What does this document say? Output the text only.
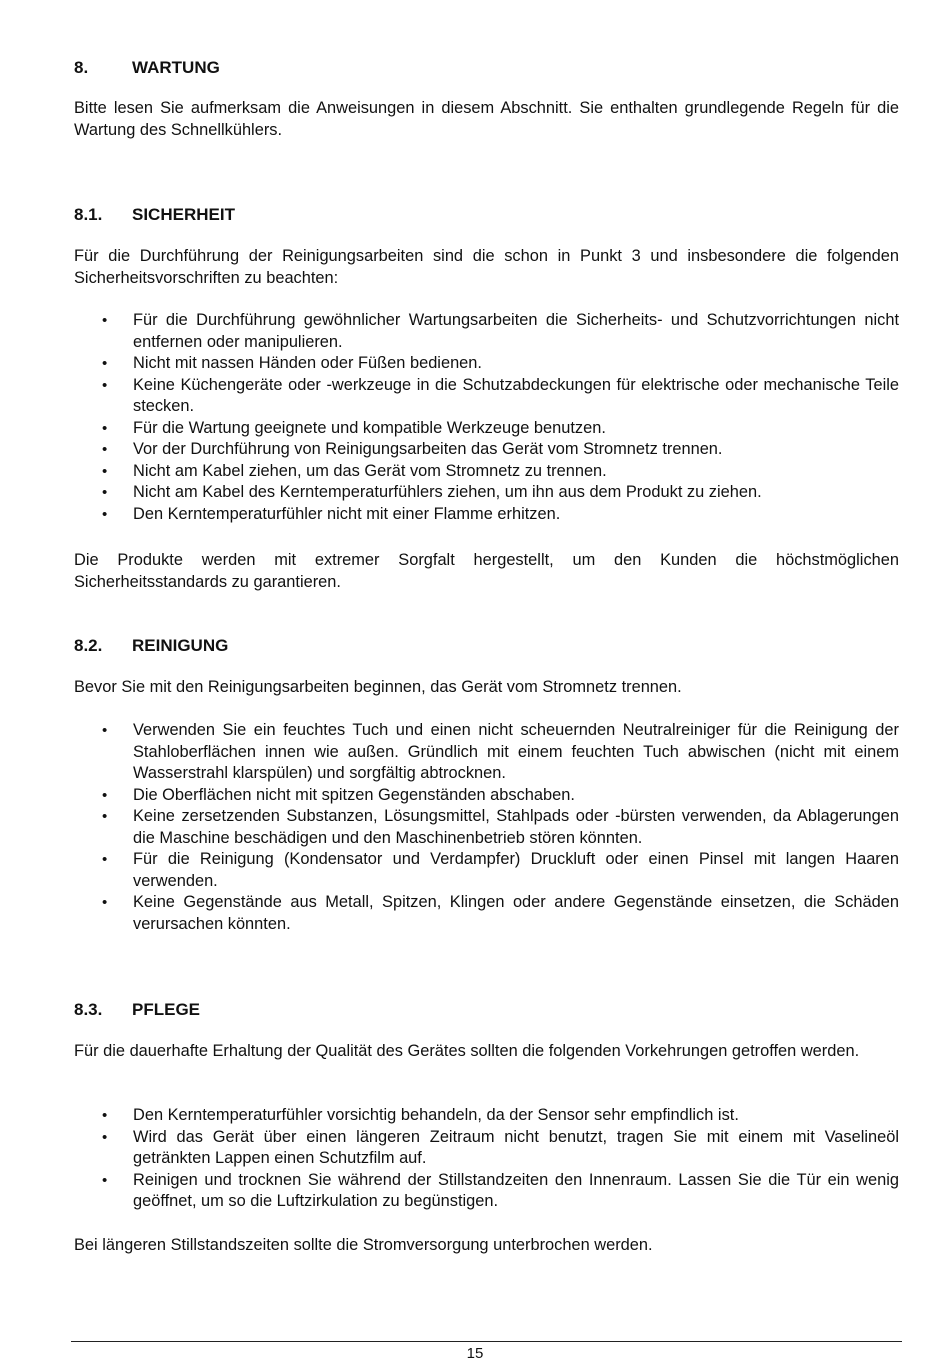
8.	WARTUNG
Bitte lesen Sie aufmerksam die Anweisungen in diesem Abschnitt. Sie enthalten grundlegende Regeln für die Wartung des Schnellkühlers.
8.1. SICHERHEIT
Für die Durchführung der Reinigungsarbeiten sind die schon in Punkt 3 und insbesondere die folgenden Sicherheitsvorschriften zu beachten:
• Für die Durchführung gewöhnlicher Wartungsarbeiten die Sicherheits- und Schutzvorrichtungen nicht entfernen oder manipulieren.
• Nicht mit nassen Händen oder Füßen bedienen.
• Keine Küchengeräte oder -werkzeuge in die Schutzabdeckungen für elektrische oder mechanische Teile stecken.
• Für die Wartung geeignete und kompatible Werkzeuge benutzen.
• Vor der Durchführung von Reinigungsarbeiten das Gerät vom Stromnetz trennen.
• Nicht am Kabel ziehen, um das Gerät vom Stromnetz zu trennen.
• Nicht am Kabel des Kerntemperaturfühlers ziehen, um ihn aus dem Produkt zu ziehen.
• Den Kerntemperaturfühler nicht mit einer Flamme erhitzen.
Die Produkte werden mit extremer Sorgfalt hergestellt, um den Kunden die höchstmöglichen Sicherheitsstandards zu garantieren.
8.2. REINIGUNG
Bevor Sie mit den Reinigungsarbeiten beginnen, das Gerät vom Stromnetz trennen.
• Verwenden Sie ein feuchtes Tuch und einen nicht scheuernden Neutralreiniger für die Reinigung der Stahloberflächen innen wie außen. Gründlich mit einem feuchten Tuch abwischen (nicht mit einem Wasserstrahl klarspülen) und sorgfältig abtrocknen.
• Die Oberflächen nicht mit spitzen Gegenständen abschaben.
• Keine zersetzenden Substanzen, Lösungsmittel, Stahlpads oder -bürsten verwenden, da Ablagerungen die Maschine beschädigen und den Maschinenbetrieb stören könnten.
• Für die Reinigung (Kondensator und Verdampfer) Druckluft oder einen Pinsel mit langen Haaren verwenden.
• Keine Gegenstände aus Metall, Spitzen, Klingen oder andere Gegenstände einsetzen, die Schäden verursachen könnten.
8.3. PFLEGE
Für die dauerhafte Erhaltung der Qualität des Gerätes sollten die folgenden Vorkehrungen getroffen werden.
• Den Kerntemperaturfühler vorsichtig behandeln, da der Sensor sehr empfindlich ist.
• Wird das Gerät über einen längeren Zeitraum nicht benutzt, tragen Sie mit einem mit Vaselineöl getränkten Lappen einen Schutzfilm auf.
• Reinigen und trocknen Sie während der Stillstandzeiten den Innenraum. Lassen Sie die Tür ein wenig geöffnet, um so die Luftzirkulation zu begünstigen.
Bei längeren Stillstandszeiten sollte die Stromversorgung unterbrochen werden.
15
